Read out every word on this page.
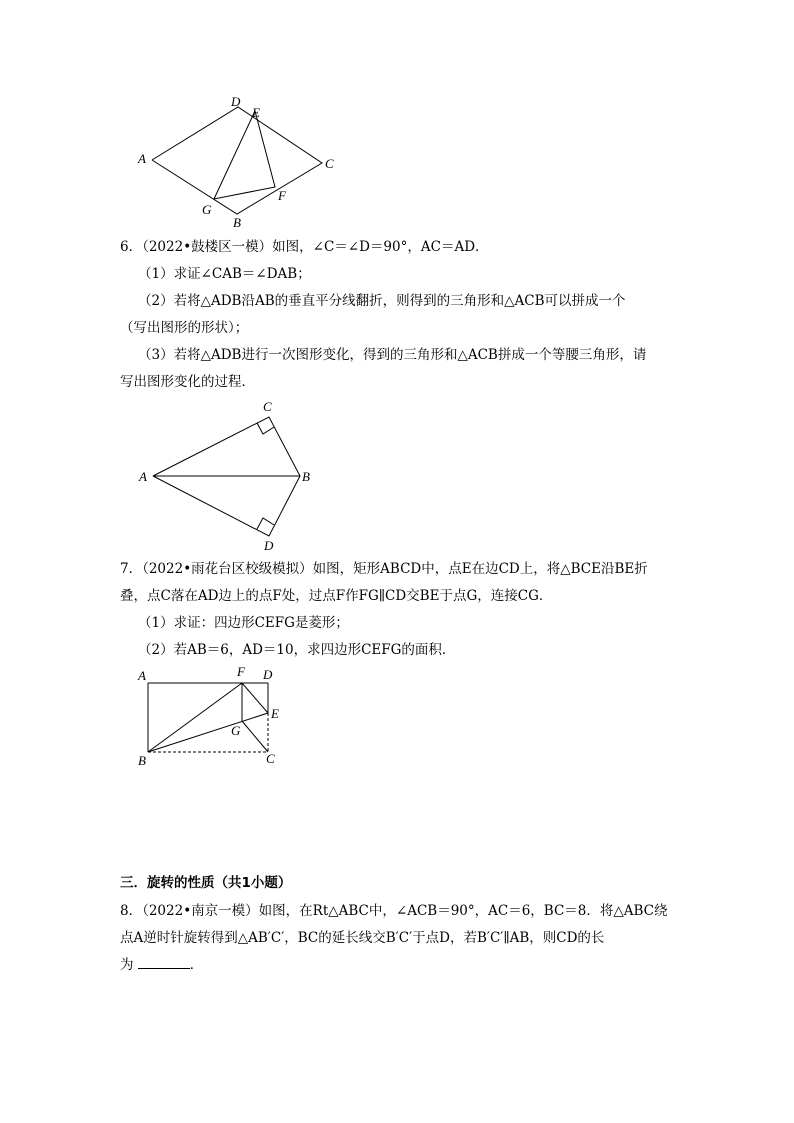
A
D
E
C
F
G
B
6．（2022•鼓楼区一模）如图，∠C＝∠D＝90°，AC＝AD．
（1）求证∠CAB＝∠DAB；
（2）若将△ADB沿AB的垂直平分线翻折，则得到的三角形和△ACB可以拼成一个
（写出图形的形状）；
（3）若将△ADB进行一次图形变化，得到的三角形和△ACB拼成一个等腰三角形，请
写出图形变化的过程．
A	B
C
D
7．（2022•雨花台区校级模拟）如图，矩形ABCD中，点E在边CD上，将△BCE沿BE折
叠，点C落在AD边上的点F处，过点F作FG∥CD交BE于点G，连接CG．
（1）求证：四边形CEFG是菱形；
（2）若AB＝6，AD＝10，求四边形CEFG的面积．
A	F D
E
G
B	C
三．旋转的性质（共1小题）
8．（2022•南京一模）如图，在Rt△ABC中，∠ACB＝90°，AC＝6，BC＝8．将△ABC绕
点A逆时针旋转得到△AB′C′，BC的延长线交B′C′于点D，若B′C′∥AB，则CD的长
为	．
